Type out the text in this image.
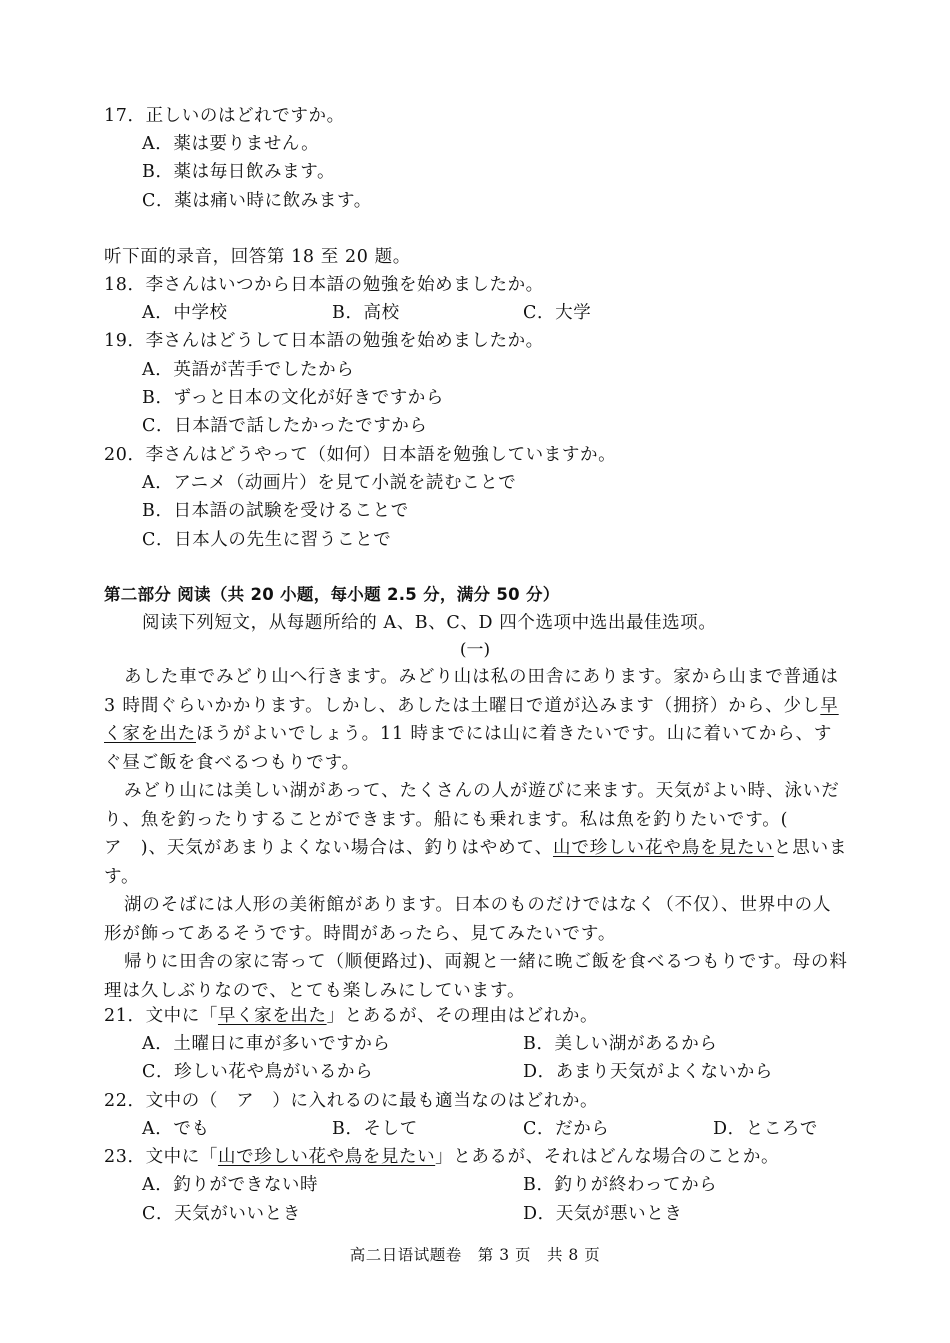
17．正しいのはどれですか。
A．薬は要りません。
B．薬は毎日飲みます。
C．薬は痛い時に飲みます。
听下面的录音，回答第 18 至 20 题。
18．李さんはいつから日本語の勉強を始めましたか。
A．中学校	B．高校	C．大学
19．李さんはどうして日本語の勉強を始めましたか。
A．英語が苦手でしたから
B．ずっと日本の文化が好きですから
C．日本語で話したかったですから
20．李さんはどうやって（如何）日本語を勉強していますか。
A．アニメ（动画片）を見て小説を読むことで
B．日本語の試験を受けることで
C．日本人の先生に習うことで
第二部分 阅读（共 20 小题，每小题 2.5 分，满分 50 分）
阅读下列短文，从每题所给的 A、B、C、D 四个选项中选出最佳选项。
(一)
あした車でみどり山へ行きます。みどり山は私の田舎にあります。家から山まで普通は 3 時間ぐらいかかります。しかし、あしたは土曜日で道が込みます（拥挤）から、少し早く家を出たほうがよいでしょう。11 時までには山に着きたいです。山に着いてから、すぐ昼ご飯を食べるつもりです。
みどり山には美しい湖があって、たくさんの人が遊びに来ます。天気がよい時、泳いだり、魚を釣ったりすることができます。船にも乗れます。私は魚を釣りたいです。(　ア　)、天気があまりよくない場合は、釣りはやめて、山で珍しい花や鳥を見たいと思います。
湖のそばには人形の美術館があります。日本のものだけではなく（不仅）、世界中の人形が飾ってあるそうです。時間があったら、見てみたいです。
帰りに田舎の家に寄って（顺便路过)、両親と一緒に晩ご飯を食べるつもりです。母の料理は久しぶりなので、とても楽しみにしています。
21．文中に「早く家を出た」とあるが、その理由はどれか。
A．土曜日に車が多いですから	B．美しい湖があるから
C．珍しい花や鳥がいるから	D．あまり天気がよくないから
22．文中の（　ア　）に入れるのに最も適当なのはどれか。
A．でも	B．そして	C．だから	D．ところで
23．文中に「山で珍しい花や鳥を見たい」とあるが、それはどんな場合のことか。
A．釣りができない時	B．釣りが終わってから
C．天気がいいとき	D．天気が悪いとき
高二日语试题卷　第 3 页　共 8 页
